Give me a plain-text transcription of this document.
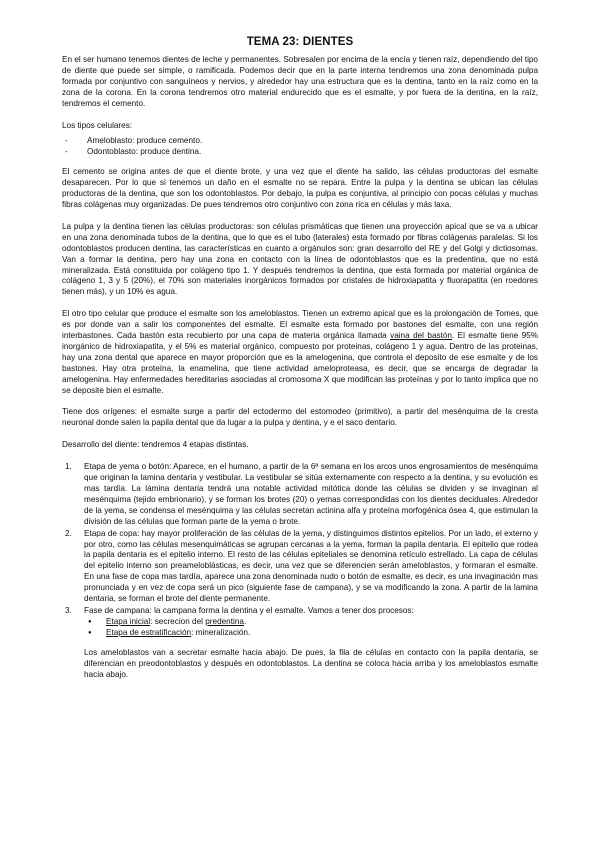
TEMA 23: DIENTES

En el ser humano tenemos dientes de leche y permanentes. Sobresalen por encima de la encía y tienen raíz, dependiendo del tipo de diente que puede ser simple, o ramificada. Podemos decir que en la parte interna tendremos una zona denominada pulpa formada por conjuntivo con sanguíneos y nervios, y alrededor hay una estructura que es la dentina, tanto en la raíz como en la zona de la corona. En la corona tendremos otro material endurecido que es el esmalte, y por fuera de la dentina, en la raíz, tendremos el cemento.

Los tipos celulares:

- Ameloblasto: produce cemento.
- Odontoblasto: produce dentina.

El cemento se origina antes de que el diente brote, y una vez que el diente ha salido, las células productoras del esmalte desaparecen. Por lo que si tenemos un daño en el esmalte no se repara. Entre la pulpa y la dentina se ubican las células productoras de la dentina, que son los odontoblastos. Por debajo, la pulpa es conjuntiva, al principio con pocas células y muchas fibras colágenas muy organizadas. De pues tendremos otro conjuntivo con zona rica en células y más laxa.

La pulpa y la dentina tienen las células productoras: son células prismáticas que tienen una proyección apical que se va a ubicar en una zona denominada tubos de la dentina, que lo que es el tubo (laterales) esta formado por fibras colágenas paralelas. Si los odontoblastos producen dentina, las características en cuanto a orgánulos son: gran desarrollo del RE y del Golgi y dictiosomas. Van a formar la dentina, pero hay una zona en contacto con la línea de odontoblastos que es la predentina, que no está mineralizada. Está constituida por colágeno tipo 1. Y después tendremos la dentina, que esta formada por material orgánica de colágeno 1, 3 y 5 (20%), el 70% son materiales inorgánicos formados por cristales de hidroxiapatita y fluorapatita (en roedores tienen más), y un 10% es agua.

El otro tipo celular que produce el esmalte son los ameloblastos. Tienen un extremo apical que es la prolongación de Tomes, que es por donde van a salir los componentes del esmalte. El esmalte esta formado por bastones del esmalte, con una región interbastones. Cada bastón esta recubierto por una capa de materia orgánica llamada vaina del bastón. El esmalte tiene 95% inorgánico de hidroxiapatita, y el 5% es material orgánico, compuesto por proteinas, colágeno 1 y agua. Dentro de las proteinas, hay una zona dental que aparece en mayor proporción que es la amelogenina, que controla el deposito de ese esmalte y de los bastones. Hay otra proteína, la enamelina, que tiene actividad ameloproteasa, es decir, que se encarga de degradar la amelogenina. Hay enfermedades hereditarias asociadas al cromosoma X que modifican las proteínas y por lo tanto implica que no se deposite bien el esmalte.

Tiene dos orígenes: el esmalte surge a partir del ectodermo del estomodeo (primitivo), a partir del mesénquima de la cresta neuronal donde salen la papila dental que da lugar a la pulpa y dentina, y e el saco dentario.

Desarrollo del diente: tendremos 4 etapas distintas.

1. Etapa de yema o botón: Aparece, en el humano, a partir de la 6ª semana en los arcos unos engrosamientos de mesénquima que originan la lamina dentaria y vestibular. La vestibular se sitúa externamente con respecto a la dentina, y su evolución es mas tardía. La lámina dentaria tendrá una notable actividad mitótica donde las células se dividen y se invaginan al mesénquima (tejido embrionario), y se forman los brotes (20) o yemas correspondidas con los dientes deciduales. Alrededor de la yema, se condensa el mesénquima y las células secretan actinina alfa y proteína morfogénica ósea 4, que estimulan la división de las células que forman parte de la yema o brote.
2. Etapa de copa: hay mayor proliferación de las células de la yema, y distinguimos distintos epitelios. Por un lado, el externo y por otro, como las células mesenquimáticas se agrupan cercanas a la yema, forman la papila dentaria. El epitelio que rodea la papila dentaria es el epitelio interno. El resto de las células epiteliales se denomina retículo estrellado. La capa de células del epitelio interno son preameloblásticas, es decir, una vez que se diferencien serán ameloblastos, y formaran el esmalte. En una fase de copa mas tardía, aparece una zona denominada nudo o botón de esmalte, es decir, es una invaginación mas pronunciada y en vez de copa será un pico (siguiente fase de campana), y se va modificando la zona. A partir de la lamina dentaria, se forman el brote del diente permanente.
3. Fase de campana: la campana forma la dentina y el esmalte. Vamos a tener dos procesos:
● Etapa inicial: secrecion del predentina.
● Etapa de estratificación: mineralización.

Los ameloblastos van a secretar esmalte hacia abajo. De pues, la fila de células en contacto con la papila dentaria, se diferencian en preodontoblastos y después en odontoblastos. La dentina se coloca hacia arriba y los ameloblastos esmalte hacia abajo.
